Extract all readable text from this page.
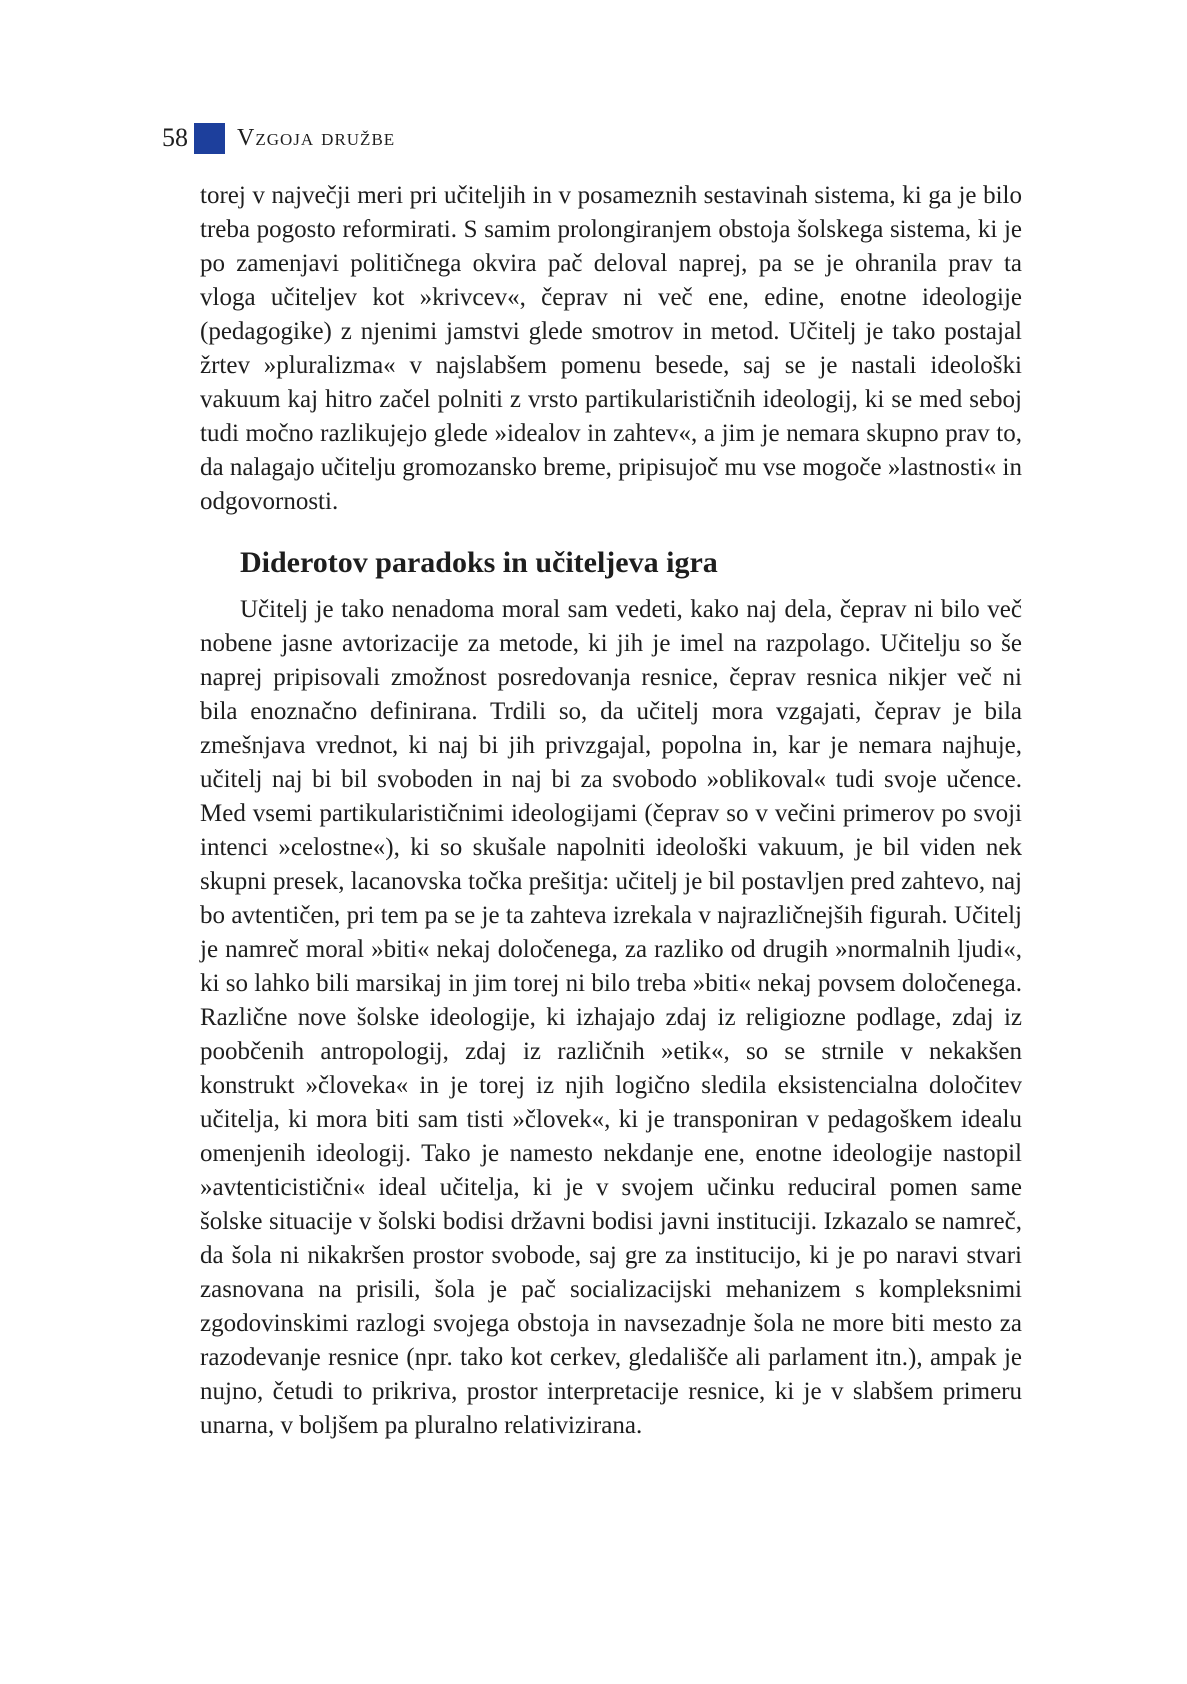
58 Vzgoja družbe

torej v največji meri pri učiteljih in v posameznih sestavinah sistema, ki ga je bilo treba pogosto reformirati. S samim prolongiranjem obstoja šolskega sistema, ki je po zamenjavi političnega okvira pač deloval naprej, pa se je ohranila prav ta vloga učiteljev kot »krivcev«, čeprav ni več ene, edine, enotne ideologije (pedagogike) z njenimi jamstvi glede smotrov in metod. Učitelj je tako postajal žrtev »pluralizma« v najslabšem pomenu besede, saj se je nastali ideološki vakuum kaj hitro začel polniti z vrsto partikularističnih ideologij, ki se med seboj tudi močno razlikujejo glede »idealov in zahtev«, a jim je nemara skupno prav to, da nalagajo učitelju gromozansko breme, pripisujoč mu vse mogoče »lastnosti« in odgovornosti.

Diderotov paradoks in učiteljeva igra

Učitelj je tako nenadoma moral sam vedeti, kako naj dela, čeprav ni bilo več nobene jasne avtorizacije za metode, ki jih je imel na razpolago. Učitelju so še naprej pripisovali zmožnost posredovanja resnice, čeprav resnica nikjer več ni bila enoznačno definirana. Trdili so, da učitelj mora vzgajati, čeprav je bila zmešnjava vrednot, ki naj bi jih privzgajal, popolna in, kar je nemara najhuje, učitelj naj bi bil svoboden in naj bi za svobodo »oblikoval« tudi svoje učence. Med vsemi partikularističnimi ideologijami (čeprav so v večini primerov po svoji intenci »celostne«), ki so skušale napolniti ideološki vakuum, je bil viden nek skupni presek, lacanovska točka prešitja: učitelj je bil postavljen pred zahtevo, naj bo avtentičen, pri tem pa se je ta zahteva izrekala v najrazličnejših figurah. Učitelj je namreč moral »biti« nekaj določenega, za razliko od drugih »normalnih ljudi«, ki so lahko bili marsikaj in jim torej ni bilo treba »biti« nekaj povsem določenega. Različne nove šolske ideologije, ki izhajajo zdaj iz religiozne podlage, zdaj iz poobčenih antropologij, zdaj iz različnih »etik«, so se strnile v nekakšen konstrukt »človeka« in je torej iz njih logično sledila eksistencialna določitev učitelja, ki mora biti sam tisti »človek«, ki je transponiran v pedagoškem idealu omenjenih ideologij. Tako je namesto nekdanje ene, enotne ideologije nastopil »avtenticistični« ideal učitelja, ki je v svojem učinku reduciral pomen same šolske situacije v šolski bodisi državni bodisi javni instituciji. Izkazalo se namreč, da šola ni nikakršen prostor svobode, saj gre za institucijo, ki je po naravi stvari zasnovana na prisili, šola je pač socializacijski mehanizem s kompleksnimi zgodovinskimi razlogi svojega obstoja in navsezadnje šola ne more biti mesto za razodevanje resnice (npr. tako kot cerkev, gledališče ali parlament itn.), ampak je nujno, četudi to prikriva, prostor interpretacije resnice, ki je v slabšem primeru unarna, v boljšem pa pluralno relativizirana.
